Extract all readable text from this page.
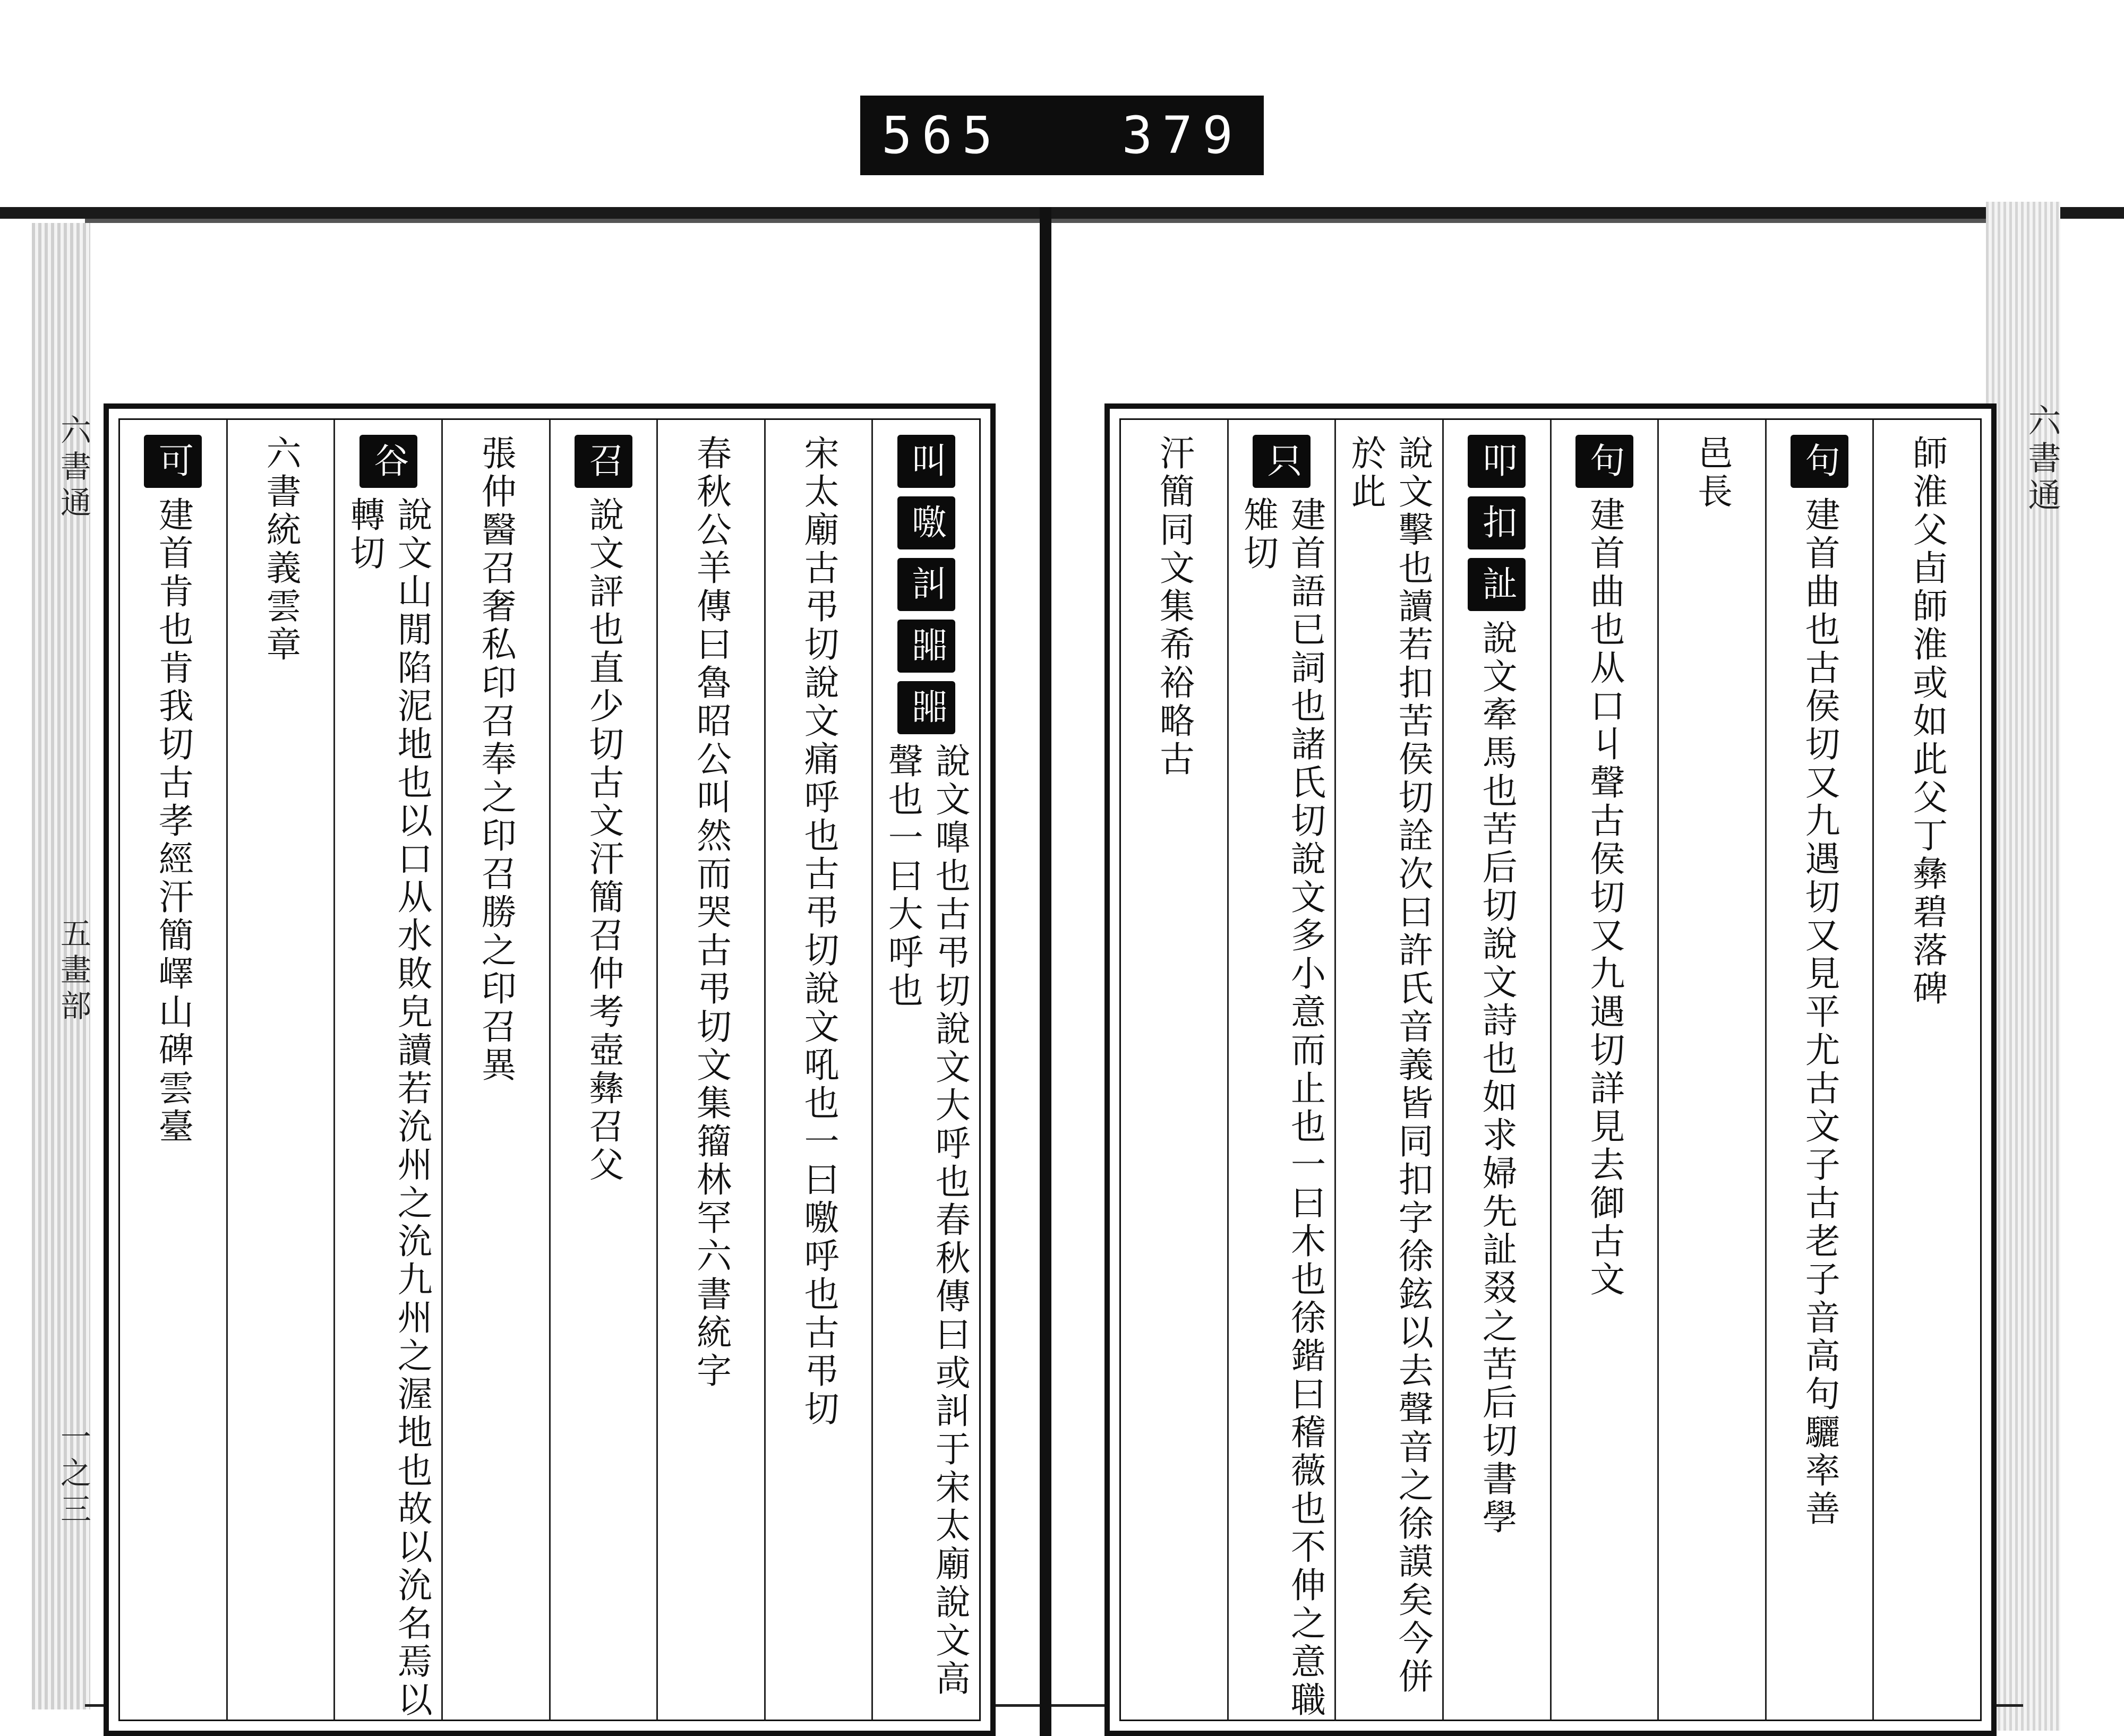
565 379
六書通
五畫部
一之三
六書通
叫
噭
訆
嘂
嘂
說文嘷也古弔切說文大呼也春秋傳曰或訆于宋太廟說文高聲也一曰大呼也
宋太廟古弔切說文痛呼也古弔切說文吼也一曰噭呼也古弔切
春秋公羊傳曰魯昭公叫然而哭古弔切文集籀林罕六書統字
召
說文評也直少切古文汗簡召仲考壺彝召父
張仲醫召奢私印召奉之印召勝之印召異
谷
說文山閒陷泥地也以口从水敗皃讀若沇州之沇九州之渥地也故以沇名焉以轉切
六書統義雲章
可
建首肯也肯我切古孝經汗簡嶧山碑雲臺	師淮父卣師淮或如此父丁彝碧落碑
句
建首曲也古侯切又九遇切又見平尤古文子古老子音高句驪率善
邑長
句
建首曲也从口丩聲古侯切又九遇切詳見去御古文
叩
扣
訨
說文牽馬也苦后切說文詩也如求婦先訨叕之苦后切書學
說文擊也讀若扣苦侯切詮次曰許氏音義皆同扣字徐鉉以去聲音之徐謨矣今併於此
只
建首語已詞也諸氏切說文多小意而止也一曰木也徐鍇曰稽薇也不伸之意職雉切
汗簡同文集希裕略古
